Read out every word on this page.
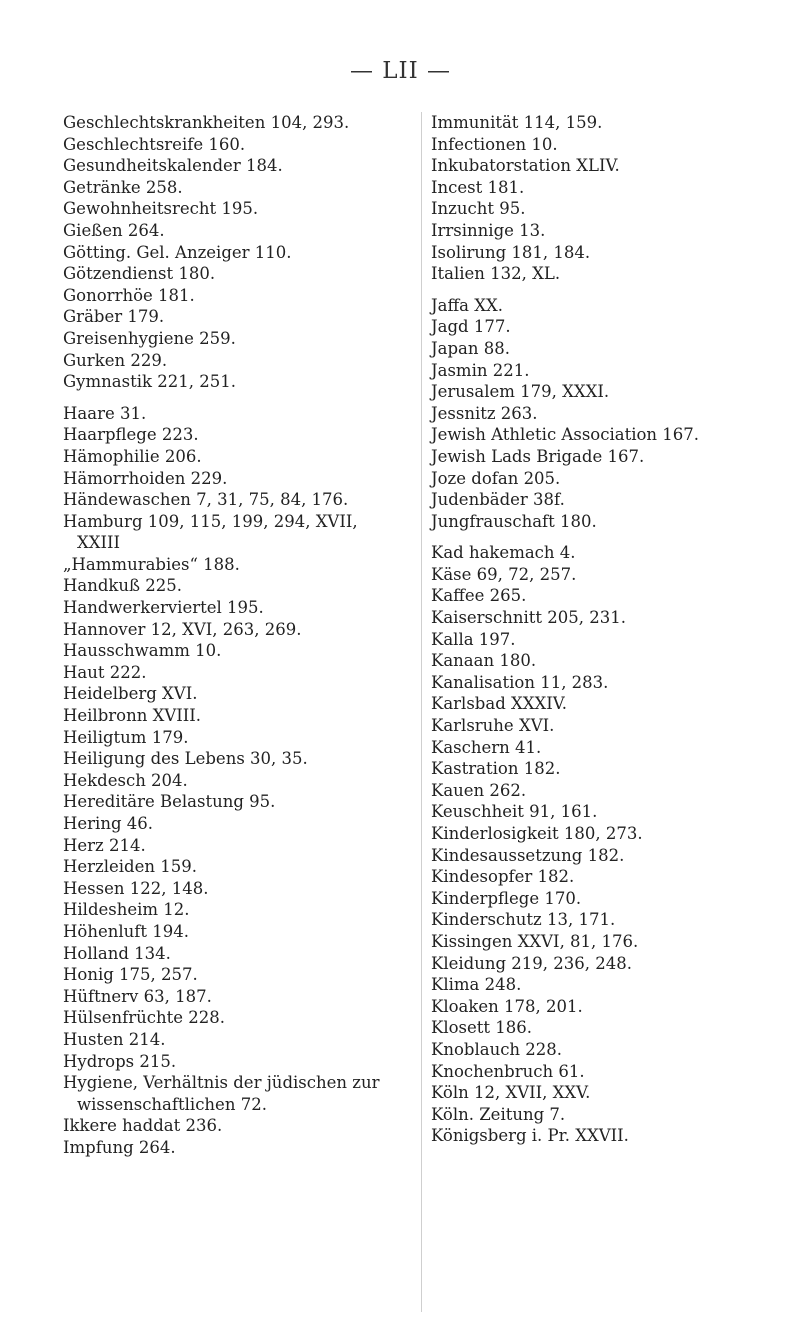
— LII —
Geschlechtskrankheiten 104, 293.
Geschlechtsreife 160.
Gesundheitskalender 184.
Getränke 258.
Gewohnheitsrecht 195.
Gießen 264.
Götting. Gel. Anzeiger 110.
Götzendienst 180.
Gonorrhöe 181.
Gräber 179.
Greisenhygiene 259.
Gurken 229.
Gymnastik 221, 251.
Haare 31.
Haarpflege 223.
Hämophilie 206.
Hämorrhoiden 229.
Händewaschen 7, 31, 75, 84, 176.
Hamburg 109, 115, 199, 294, XVII,
XXIII
„Hammurabies“ 188.
Handkuß 225.
Handwerkerviertel 195.
Hannover 12, XVI, 263, 269.
Hausschwamm 10.
Haut 222.
Heidelberg XVI.
Heilbronn XVIII.
Heiligtum 179.
Heiligung des Lebens 30, 35.
Hekdesch 204.
Hereditäre Belastung 95.
Hering 46.
Herz 214.
Herzleiden 159.
Hessen 122, 148.
Hildesheim 12.
Höhenluft 194.
Holland 134.
Honig 175, 257.
Hüftnerv 63, 187.
Hülsenfrüchte 228.
Husten 214.
Hydrops 215.
Hygiene, Verhältnis der jüdischen zur
wissenschaftlichen 72.
Ikkere haddat 236.
Impfung 264.
Immunität 114, 159.
Infectionen 10.
Inkubatorstation XLIV.
Incest 181.
Inzucht 95.
Irrsinnige 13.
Isolirung 181, 184.
Italien 132, XL.
Jaffa XX.
Jagd 177.
Japan 88.
Jasmin 221.
Jerusalem 179, XXXI.
Jessnitz 263.
Jewish Athletic Association 167.
Jewish Lads Brigade 167.
Joze dofan 205.
Judenbäder 38f.
Jungfrauschaft 180.
Kad hakemach 4.
Käse 69, 72, 257.
Kaffee 265.
Kaiserschnitt 205, 231.
Kalla 197.
Kanaan 180.
Kanalisation 11, 283.
Karlsbad XXXIV.
Karlsruhe XVI.
Kaschern 41.
Kastration 182.
Kauen 262.
Keuschheit 91, 161.
Kinderlosigkeit 180, 273.
Kindesaussetzung 182.
Kindesopfer 182.
Kinderpflege 170.
Kinderschutz 13, 171.
Kissingen XXVI, 81, 176.
Kleidung 219, 236, 248.
Klima 248.
Kloaken 178, 201.
Klosett 186.
Knoblauch 228.
Knochenbruch 61.
Köln 12, XVII, XXV.
Köln. Zeitung 7.
Königsberg i. Pr. XXVII.
